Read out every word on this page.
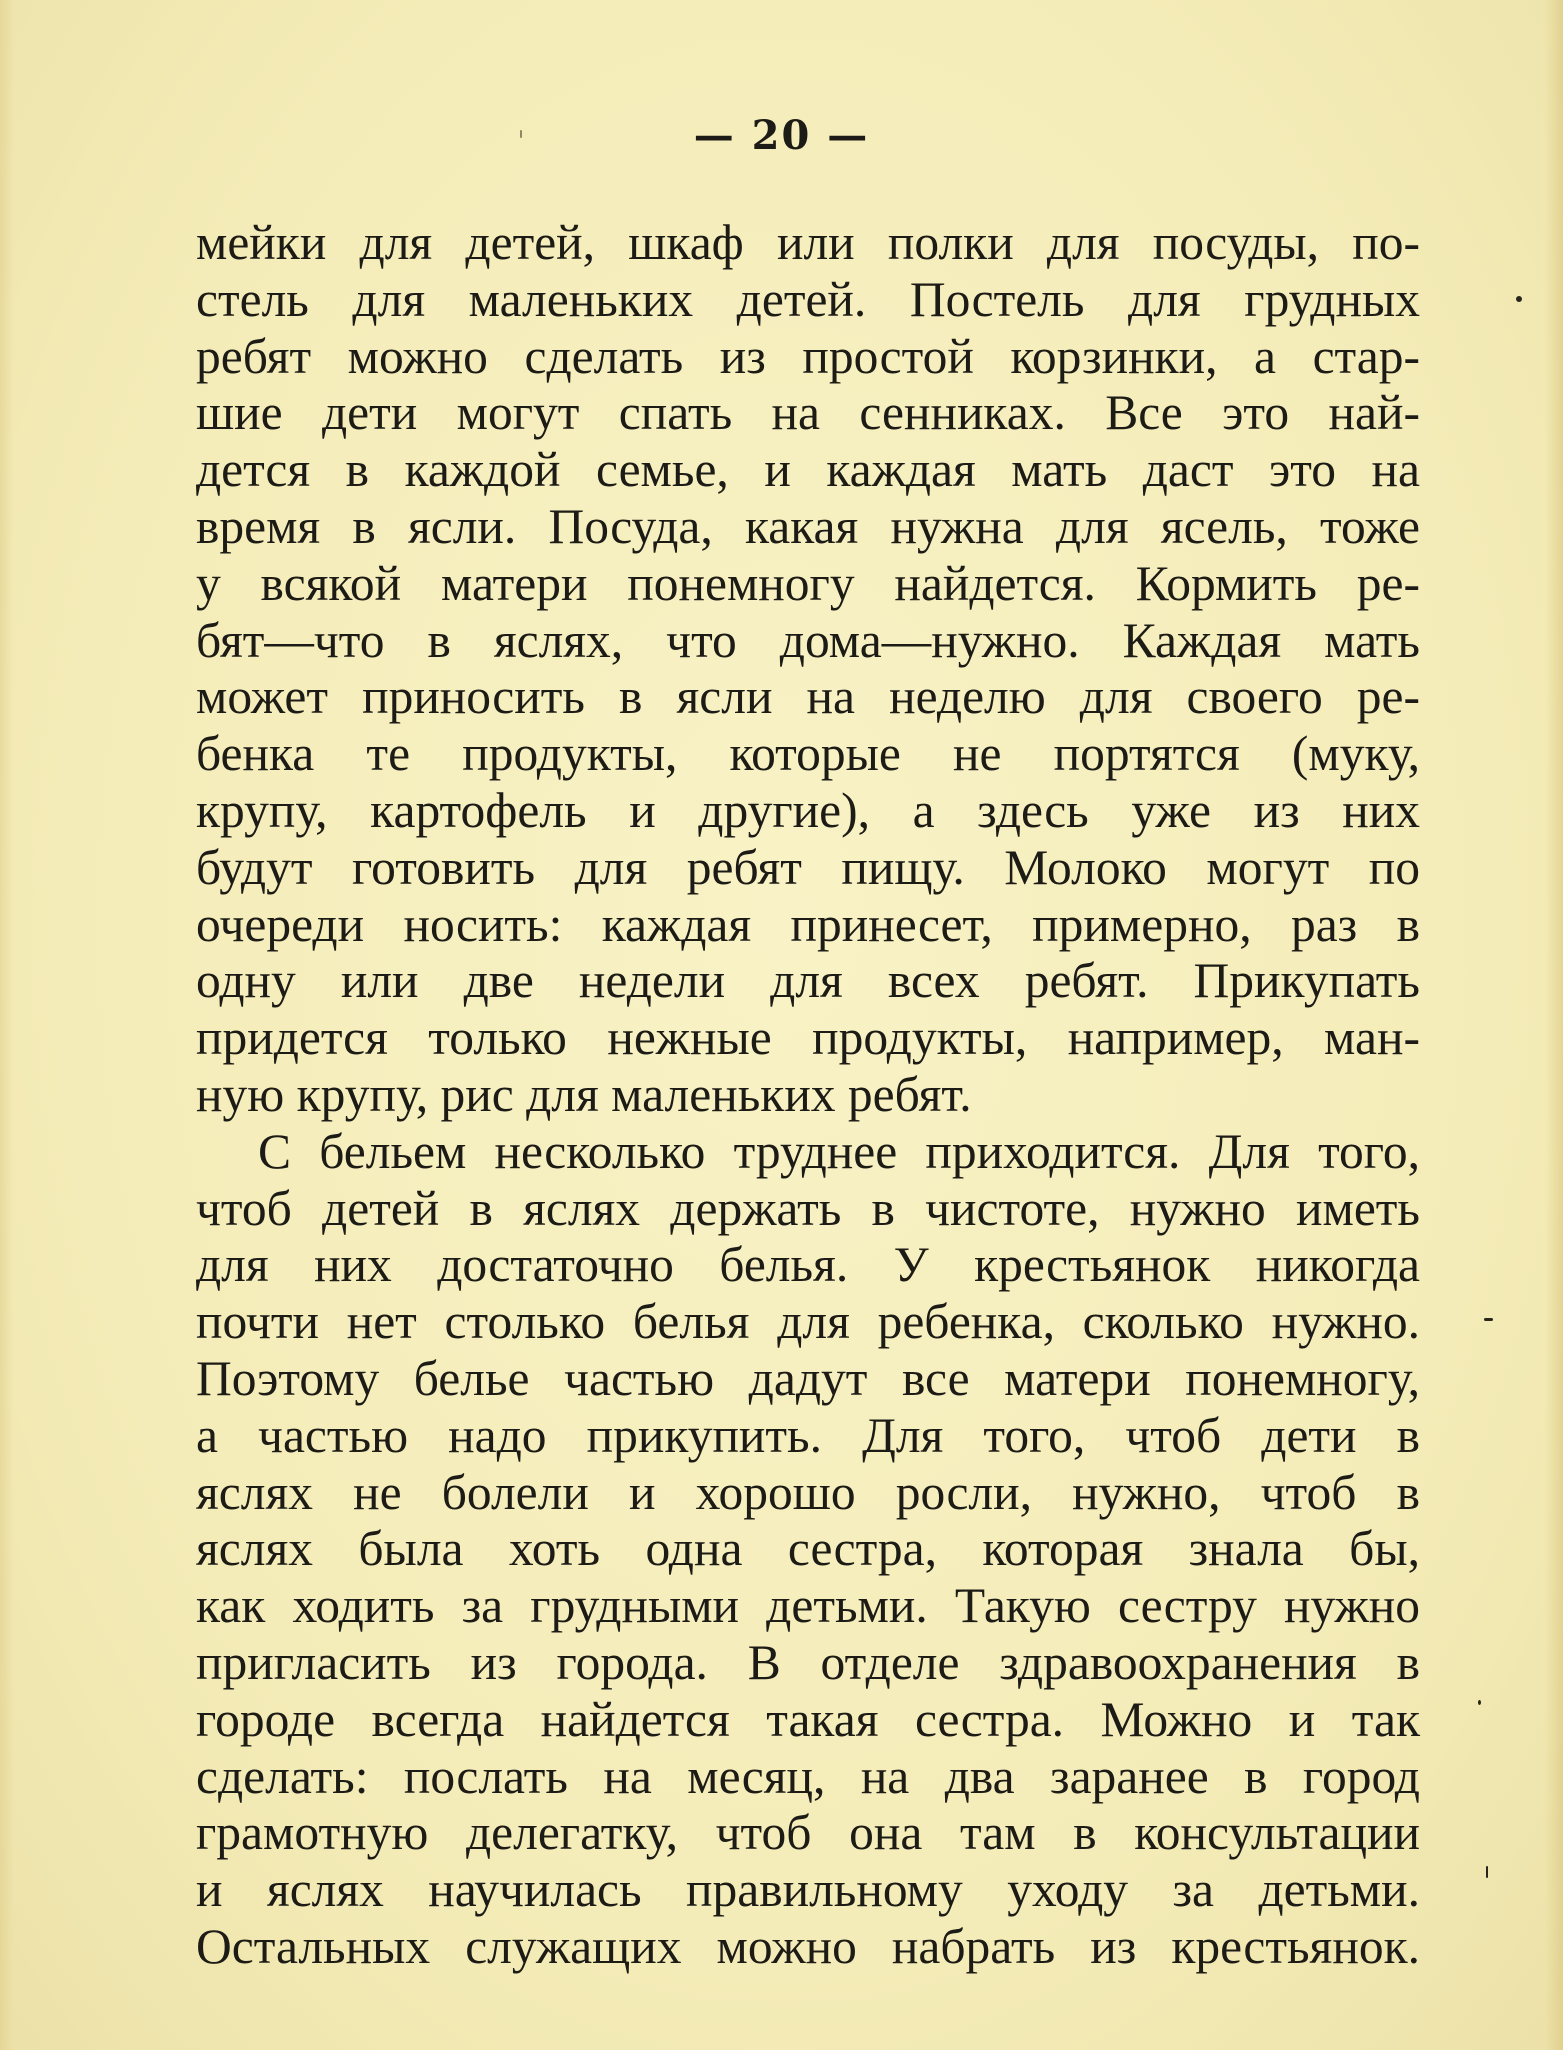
— 20 —
мейки для детей, шкаф или полки для посуды, по-
стель для маленьких детей. Постель для грудных
ребят можно сделать из простой корзинки, а стар-
шие дети могут спать на сенниках. Все это най-
дется в каждой семье, и каждая мать даст это на
время в ясли. Посуда, какая нужна для ясель, тоже
у всякой матери понемногу найдется. Кормить ре-
бят—что в яслях, что дома—нужно. Каждая мать
может приносить в ясли на неделю для своего ре-
бенка те продукты, которые не портятся (муку,
крупу, картофель и другие), а здесь уже из них
будут готовить для ребят пищу. Молоко могут по
очереди носить: каждая принесет, примерно, раз в
одну или две недели для всех ребят. Прикупать
придется только нежные продукты, например, ман-
ную крупу, рис для маленьких ребят.
С бельем несколько труднее приходится. Для того,
чтоб детей в яслях держать в чистоте, нужно иметь
для них достаточно белья. У крестьянок никогда
почти нет столько белья для ребенка, сколько нужно.
Поэтому белье частью дадут все матери понемногу,
а частью надо прикупить. Для того, чтоб дети в
яслях не болели и хорошо росли, нужно, чтоб в
яслях была хоть одна сестра, которая знала бы,
как ходить за грудными детьми. Такую сестру нужно
пригласить из города. В отделе здравоохранения в
городе всегда найдется такая сестра. Можно и так
сделать: послать на месяц, на два заранее в город
грамотную делегатку, чтоб она там в консультации
и яслях научилась правильному уходу за детьми.
Остальных служащих можно набрать из крестьянок.
